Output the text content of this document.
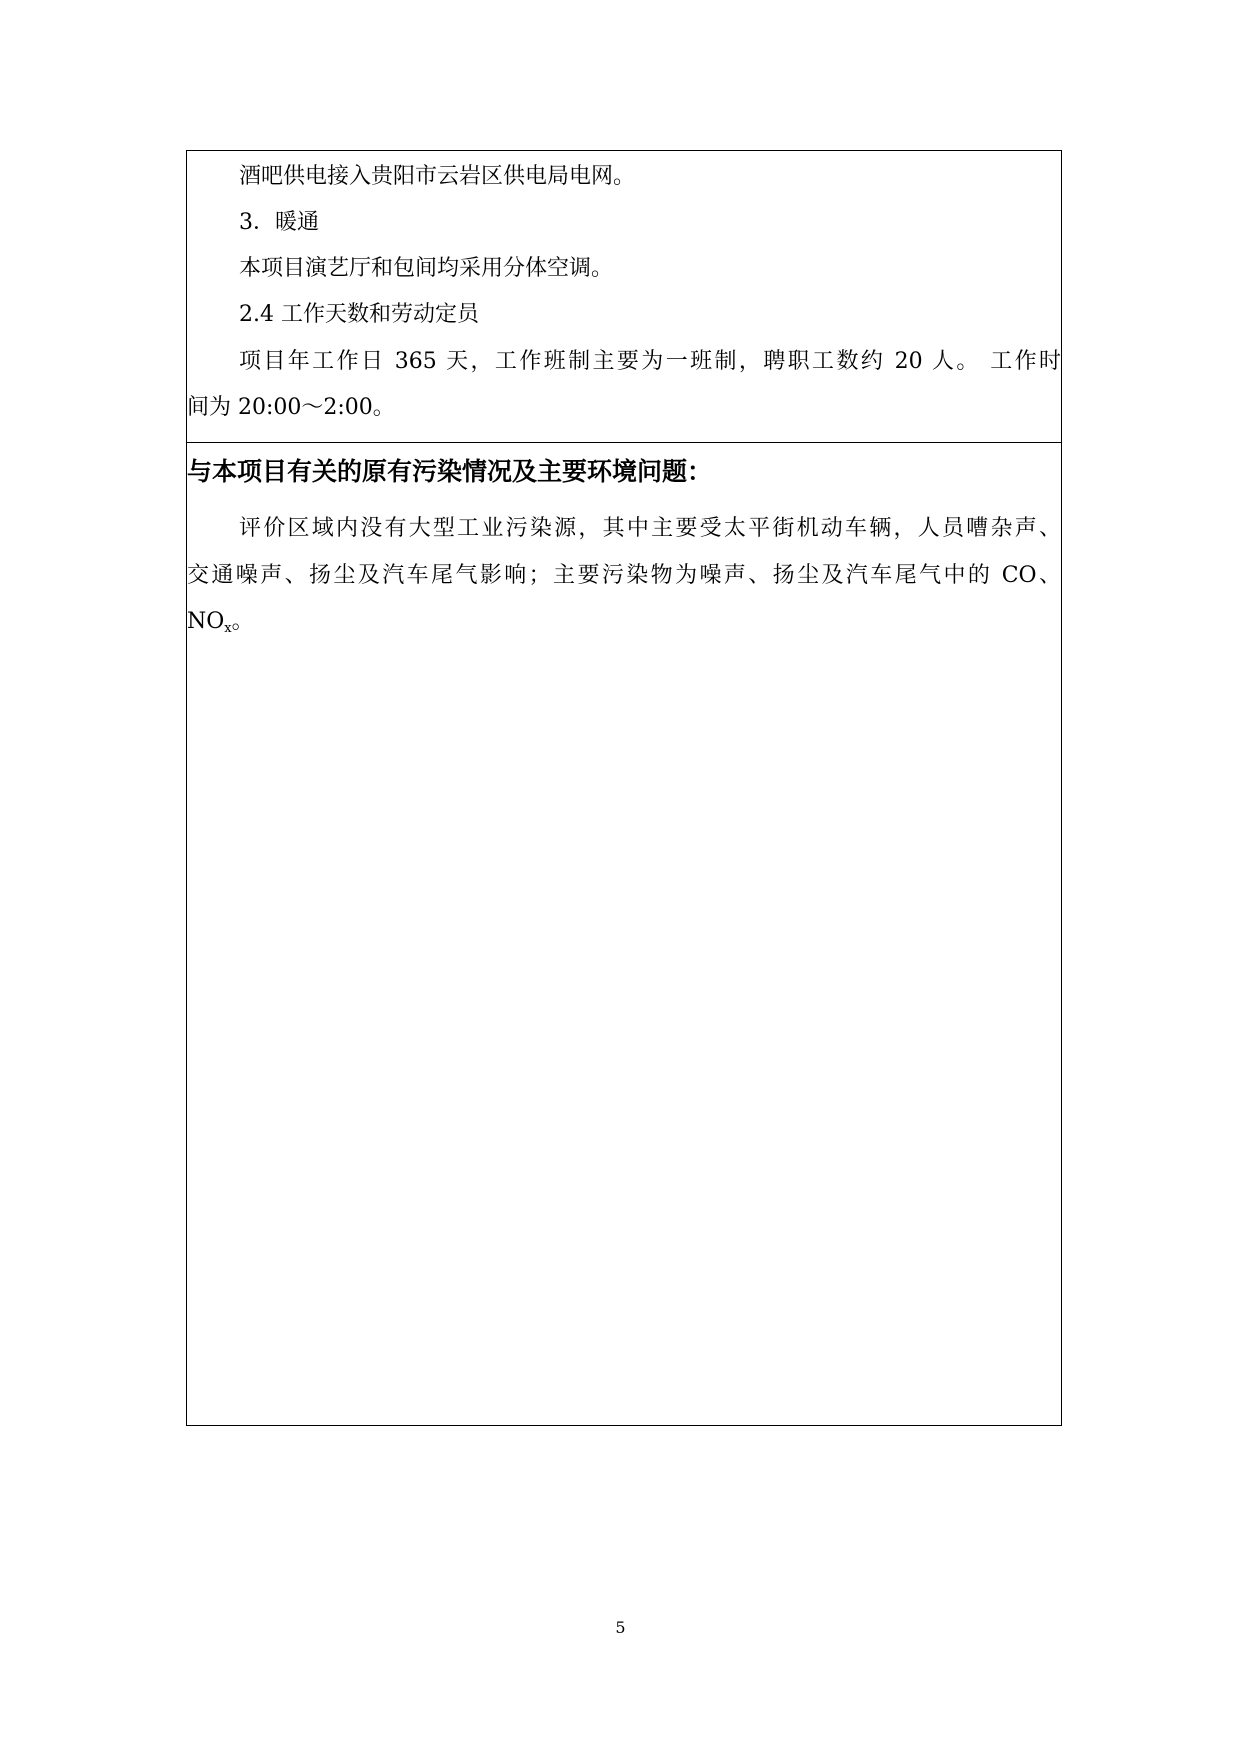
酒吧供电接入贵阳市云岩区供电局电网。

3．暖通

本项目演艺厅和包间均采用分体空调。

2.4 工作天数和劳动定员

项目年工作日 365 天，工作班制主要为一班制，聘职工数约 20 人。 工作时

间为 20:00～2:00。

与本项目有关的原有污染情况及主要环境问题：

评价区域内没有大型工业污染源，其中主要受太平街机动车辆，人员嘈杂声、

交通噪声、扬尘及汽车尾气影响；主要污染物为噪声、扬尘及汽车尾气中的 CO、

$NO_x$。

5
